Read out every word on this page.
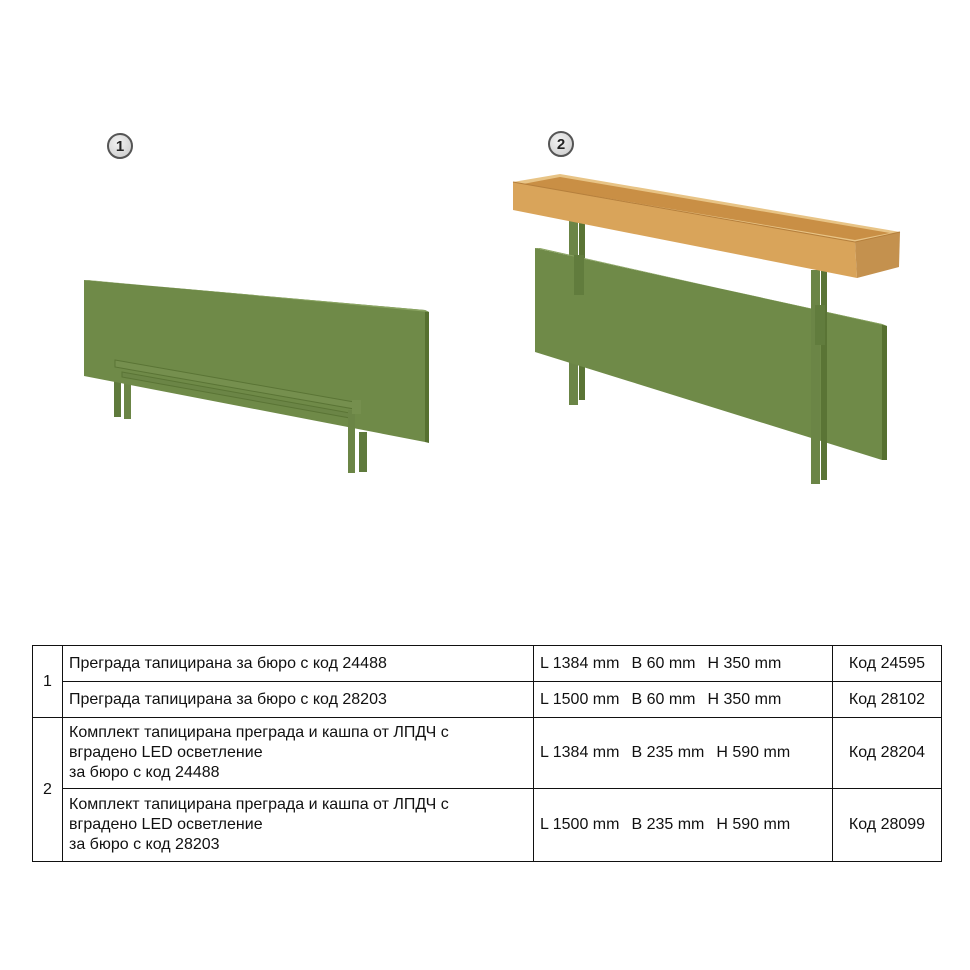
1	2
1	Преграда тапицирана за бюро с код 24488	L 1384 mm B 60 mm H 350 mm	Код 24595
	Преграда тапицирана за бюро с код 28203	L 1500 mm B 60 mm H 350 mm	Код 28102
2	Комплект тапицирана преграда и кашпа от ЛПДЧ с
вградено LED осветление
за бюро с код 24488	L 1384 mm B 235 mm H 590 mm	Код 28204
	Комплект тапицирана преграда и кашпа от ЛПДЧ с
вградено LED осветление
за бюро с код 28203	L 1500 mm B 235 mm H 590 mm	Код 28099
